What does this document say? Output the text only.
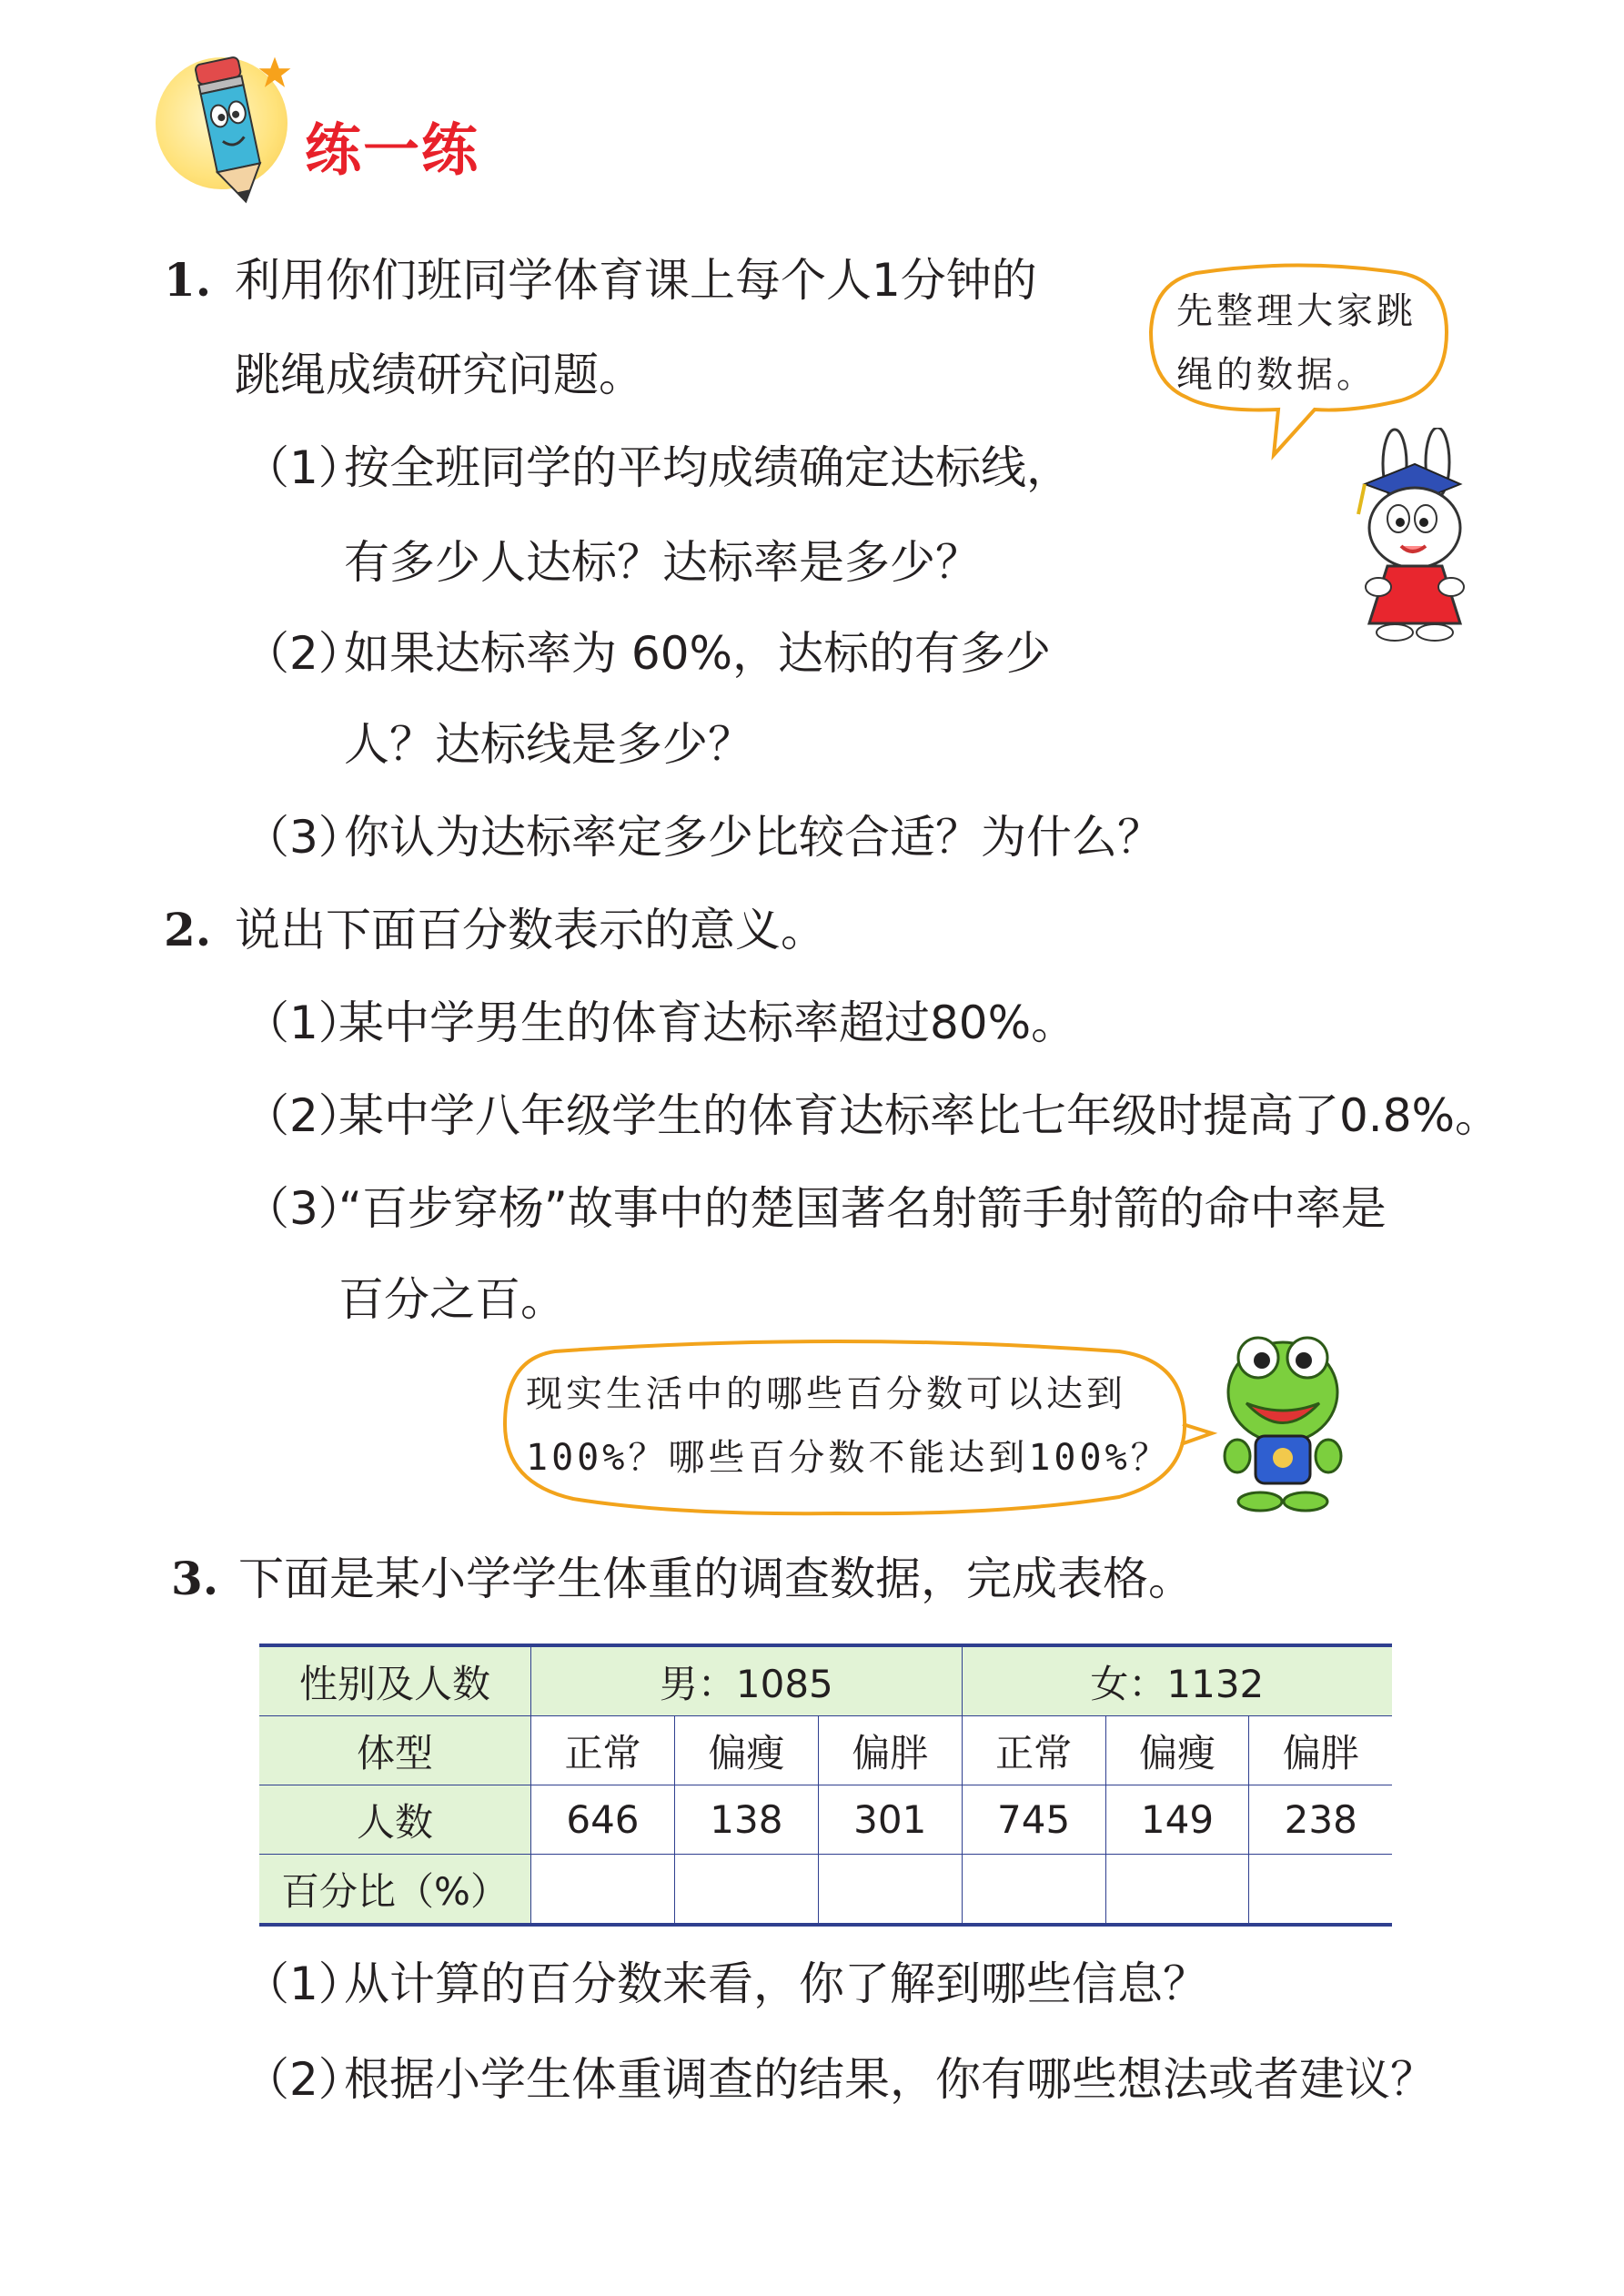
练一练
1. 利用你们班同学体育课上每个人1分钟的
跳绳成绩研究问题。
（1）
按全班同学的平均成绩确定达标线，
有多少人达标？达标率是多少？
（2）
如果达标率为 60%，达标的有多少
人？达标线是多少？
（3）
你认为达标率定多少比较合适？为什么？
先整理大家跳
绳的数据。
2. 说出下面百分数表示的意义。
（1）
某中学男生的体育达标率超过80%。
（2）
某中学八年级学生的体育达标率比七年级时提高了0.8%。
（3）
“百步穿杨”故事中的楚国著名射箭手射箭的命中率是
百分之百。
现实生活中的哪些百分数可以达到
100%？哪些百分数不能达到100%？
3. 下面是某小学学生体重的调查数据，完成表格。
性别及人数	男：1085			女：1132		
体型	正常	偏瘦	偏胖	正常	偏瘦	偏胖
人数	646	138	301	745	149	238
百分比（%）						
（1）
从计算的百分数来看，你了解到哪些信息？
（2）
根据小学生体重调查的结果，你有哪些想法或者建议？
